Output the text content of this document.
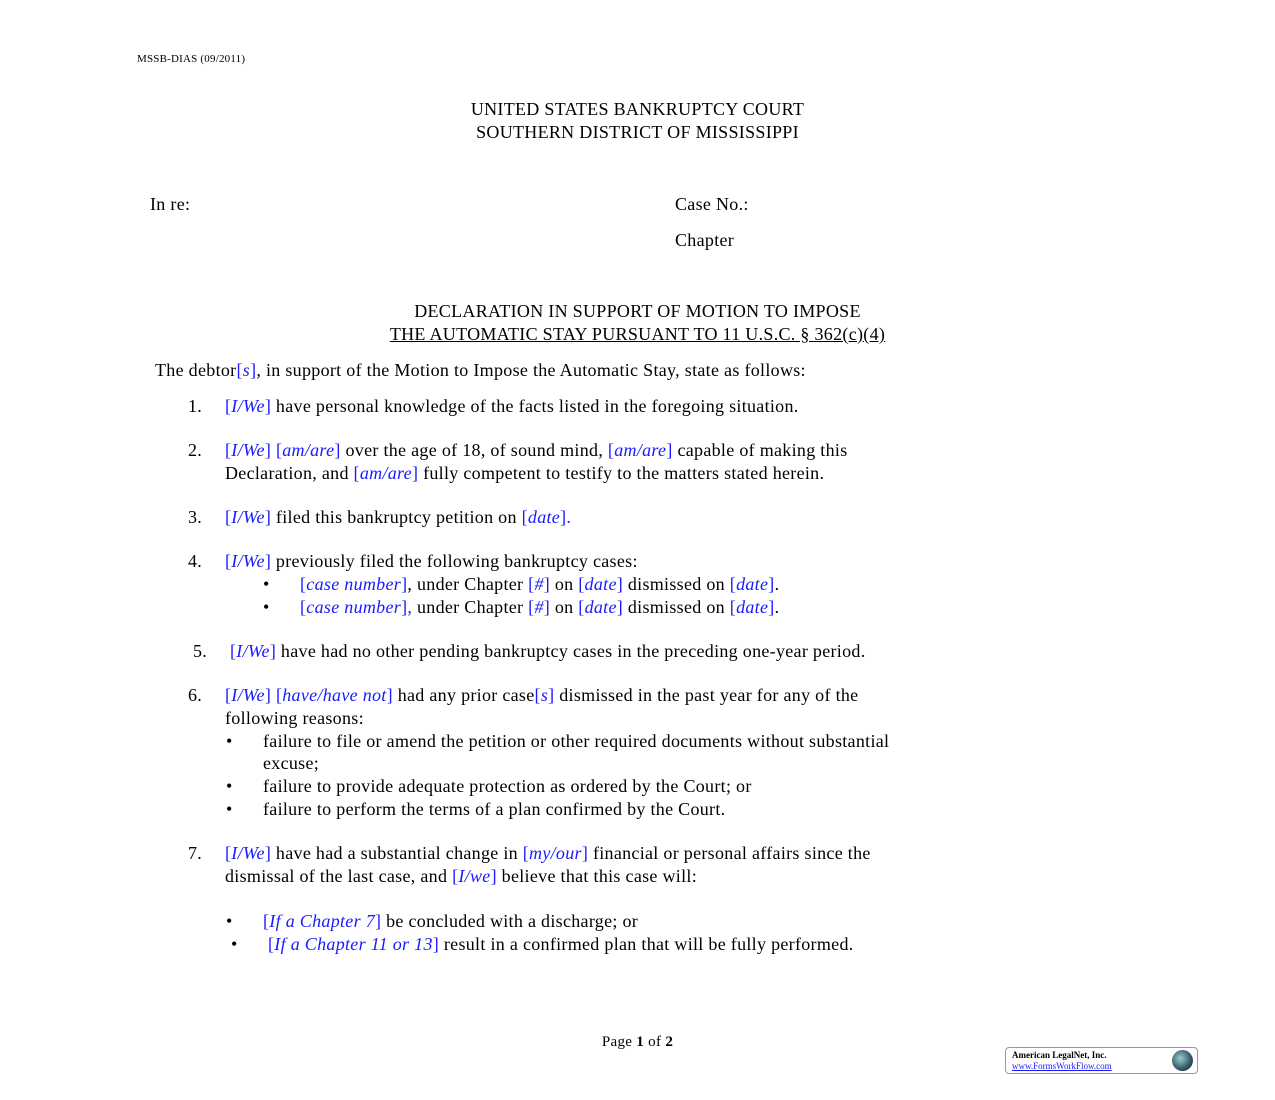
MSSB-DIAS (09/2011)
UNITED STATES BANKRUPTCY COURT
SOUTHERN DISTRICT OF MISSISSIPPI
In re:	Case No.:
Chapter
DECLARATION IN SUPPORT OF MOTION TO IMPOSE
THE AUTOMATIC STAY PURSUANT TO 11 U.S.C. § 362(c)(4)
The debtor[s], in support of the Motion to Impose the Automatic Stay, state as follows:
1. [I/We] have personal knowledge of the facts listed in the foregoing situation.
2. [I/We] [am/are] over the age of 18, of sound mind, [am/are] capable of making this
Declaration, and [am/are] fully competent to testify to the matters stated herein.
3. [I/We] filed this bankruptcy petition on [date].
4. [I/We] previously filed the following bankruptcy cases:
• [case number], under Chapter [#] on [date] dismissed on [date].
• [case number], under Chapter [#] on [date] dismissed on [date].
5. [I/We] have had no other pending bankruptcy cases in the preceding one-year period.
6. [I/We] [have/have not] had any prior case[s] dismissed in the past year for any of the
following reasons:
• failure to file or amend the petition or other required documents without substantial
excuse;
• failure to provide adequate protection as ordered by the Court; or
• failure to perform the terms of a plan confirmed by the Court.
7. [I/We] have had a substantial change in [my/our] financial or personal affairs since the
dismissal of the last case, and [I/we] believe that this case will:
• [If a Chapter 7] be concluded with a discharge; or
• [If a Chapter 11 or 13] result in a confirmed plan that will be fully performed.
Page 1 of 2
American LegalNet, Inc.
www.FormsWorkFlow.com
